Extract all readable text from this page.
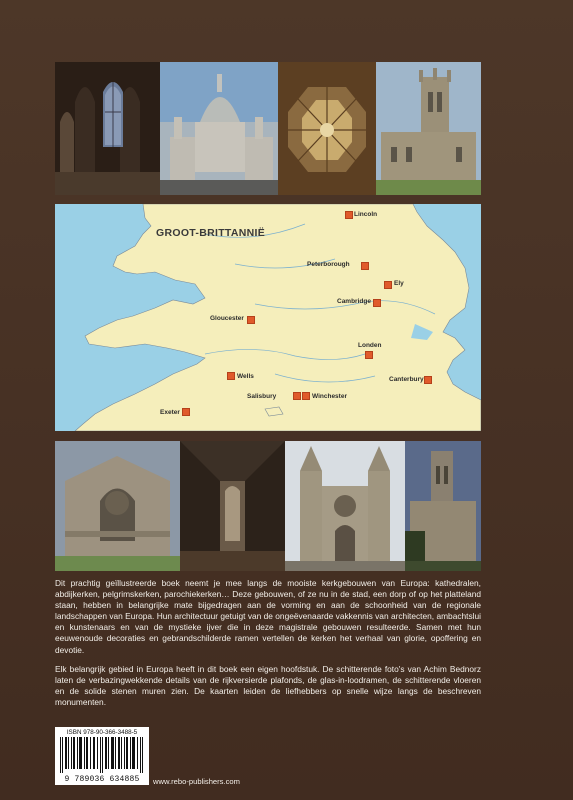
GROOT-BRITTANNIË
Lincoln
Peterborough
Ely
Cambridge
Gloucester
Londen
Wells	Canterbury
Salisbury	Winchester
Exeter

Dit prachtig geïllustreerde boek neemt je mee langs de mooiste kerkgebouwen van Europa: kathedralen, abdijkerken, pelgrimskerken, parochiekerken… Deze gebouwen, of ze nu in de stad, een dorp of op het platteland staan, hebben in belangrijke mate bijgedragen aan de vorming en aan de schoonheid van de regionale landschappen van Europa. Hun architectuur getuigt van de ongeëvenaarde vakkennis van architecten, ambachtslui en kunstenaars en van de mystieke ijver die in deze magistrale gebouwen resulteerde. Samen met hun eeuwenoude decoraties en gebrandschilderde ramen vertellen de kerken het verhaal van glorie, opoffering en devotie.

Elk belangrijk gebied in Europa heeft in dit boek een eigen hoofdstuk. De schitterende foto's van Achim Bednorz laten de verbazingwekkende details van de rijkversierde plafonds, de glas-in-loodramen, de schitterende vloeren en de solide stenen muren zien. De kaarten leiden de liefhebbers op snelle wijze langs de beschreven monumenten.

ISBN 978-90-366-3488-5
9 789036 634885	www.rebo-publishers.com
